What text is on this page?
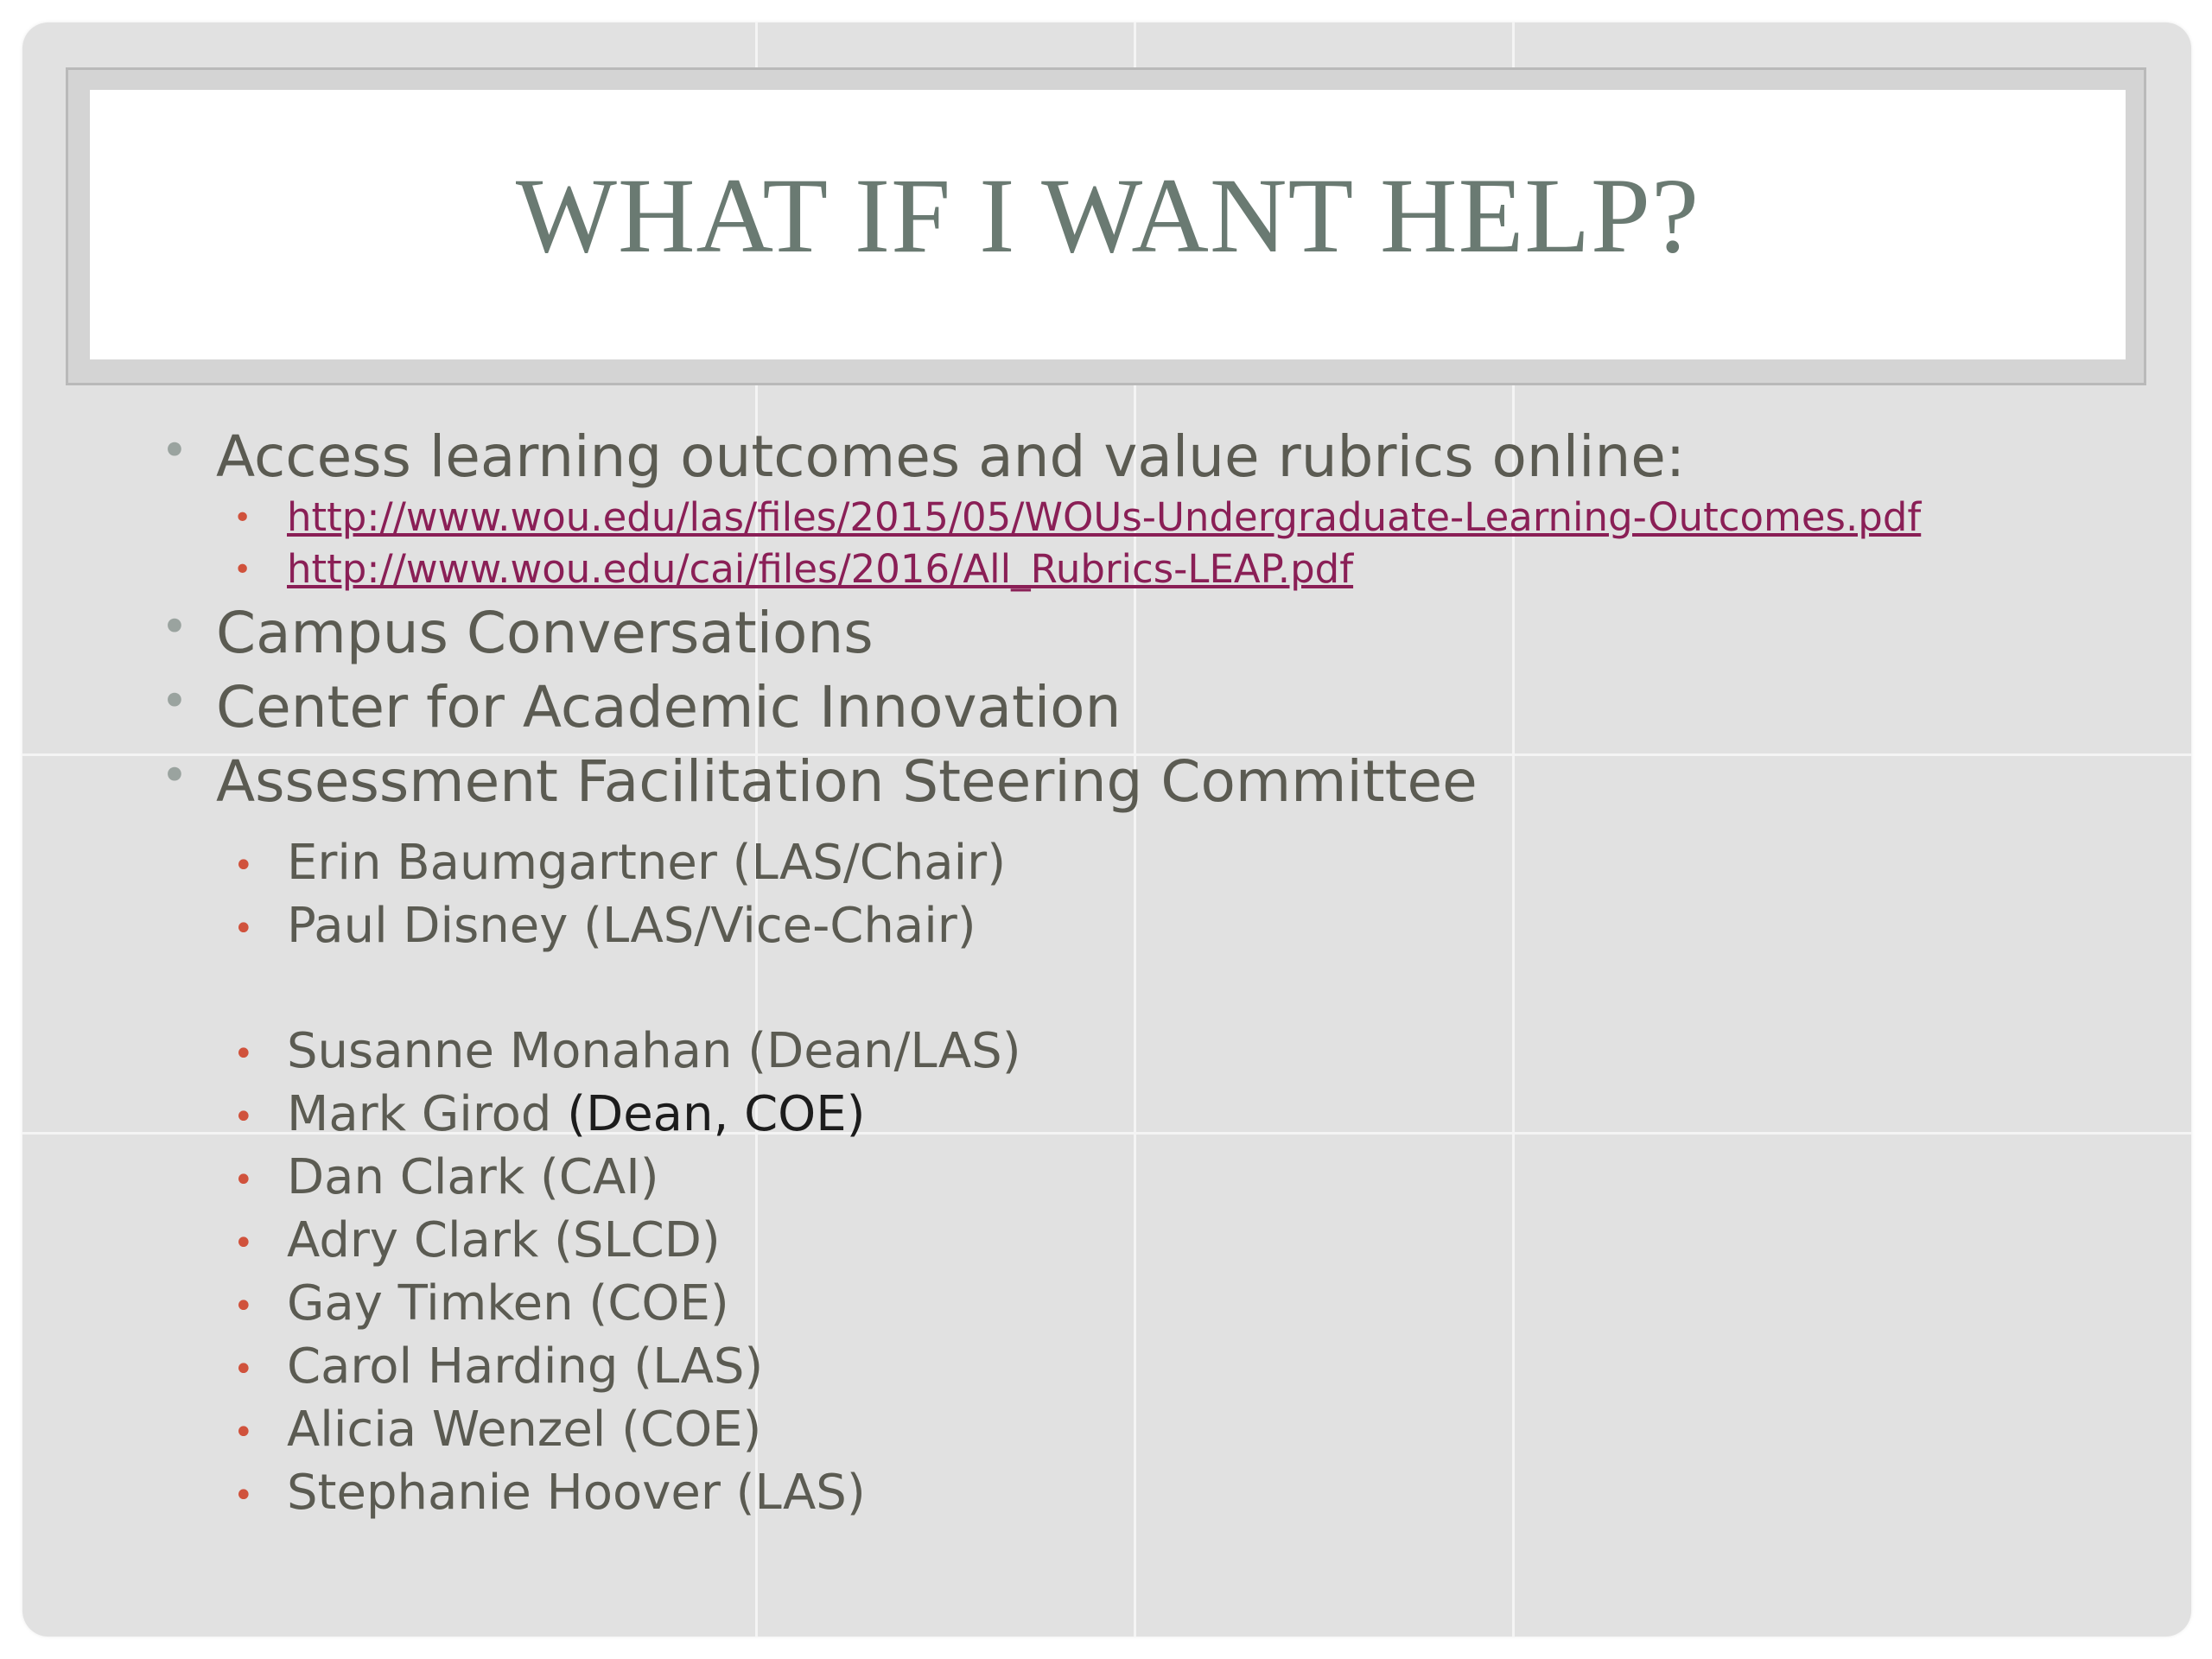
WHAT IF I WANT HELP?
• Access learning outcomes and value rubrics online:
• http://www.wou.edu/las/files/2015/05/WOUs-Undergraduate-Learning-Outcomes.pdf
• http://www.wou.edu/cai/files/2016/All_Rubrics-LEAP.pdf
• Campus Conversations
• Center for Academic Innovation
• Assessment Facilitation Steering Committee
• Erin Baumgartner (LAS/Chair)
• Paul Disney (LAS/Vice-Chair)
• Susanne Monahan (Dean/LAS)
• Mark Girod (Dean, COE)
• Dan Clark (CAI)
• Adry Clark (SLCD)
• Gay Timken (COE)
• Carol Harding (LAS)
• Alicia Wenzel (COE)
• Stephanie Hoover (LAS)
